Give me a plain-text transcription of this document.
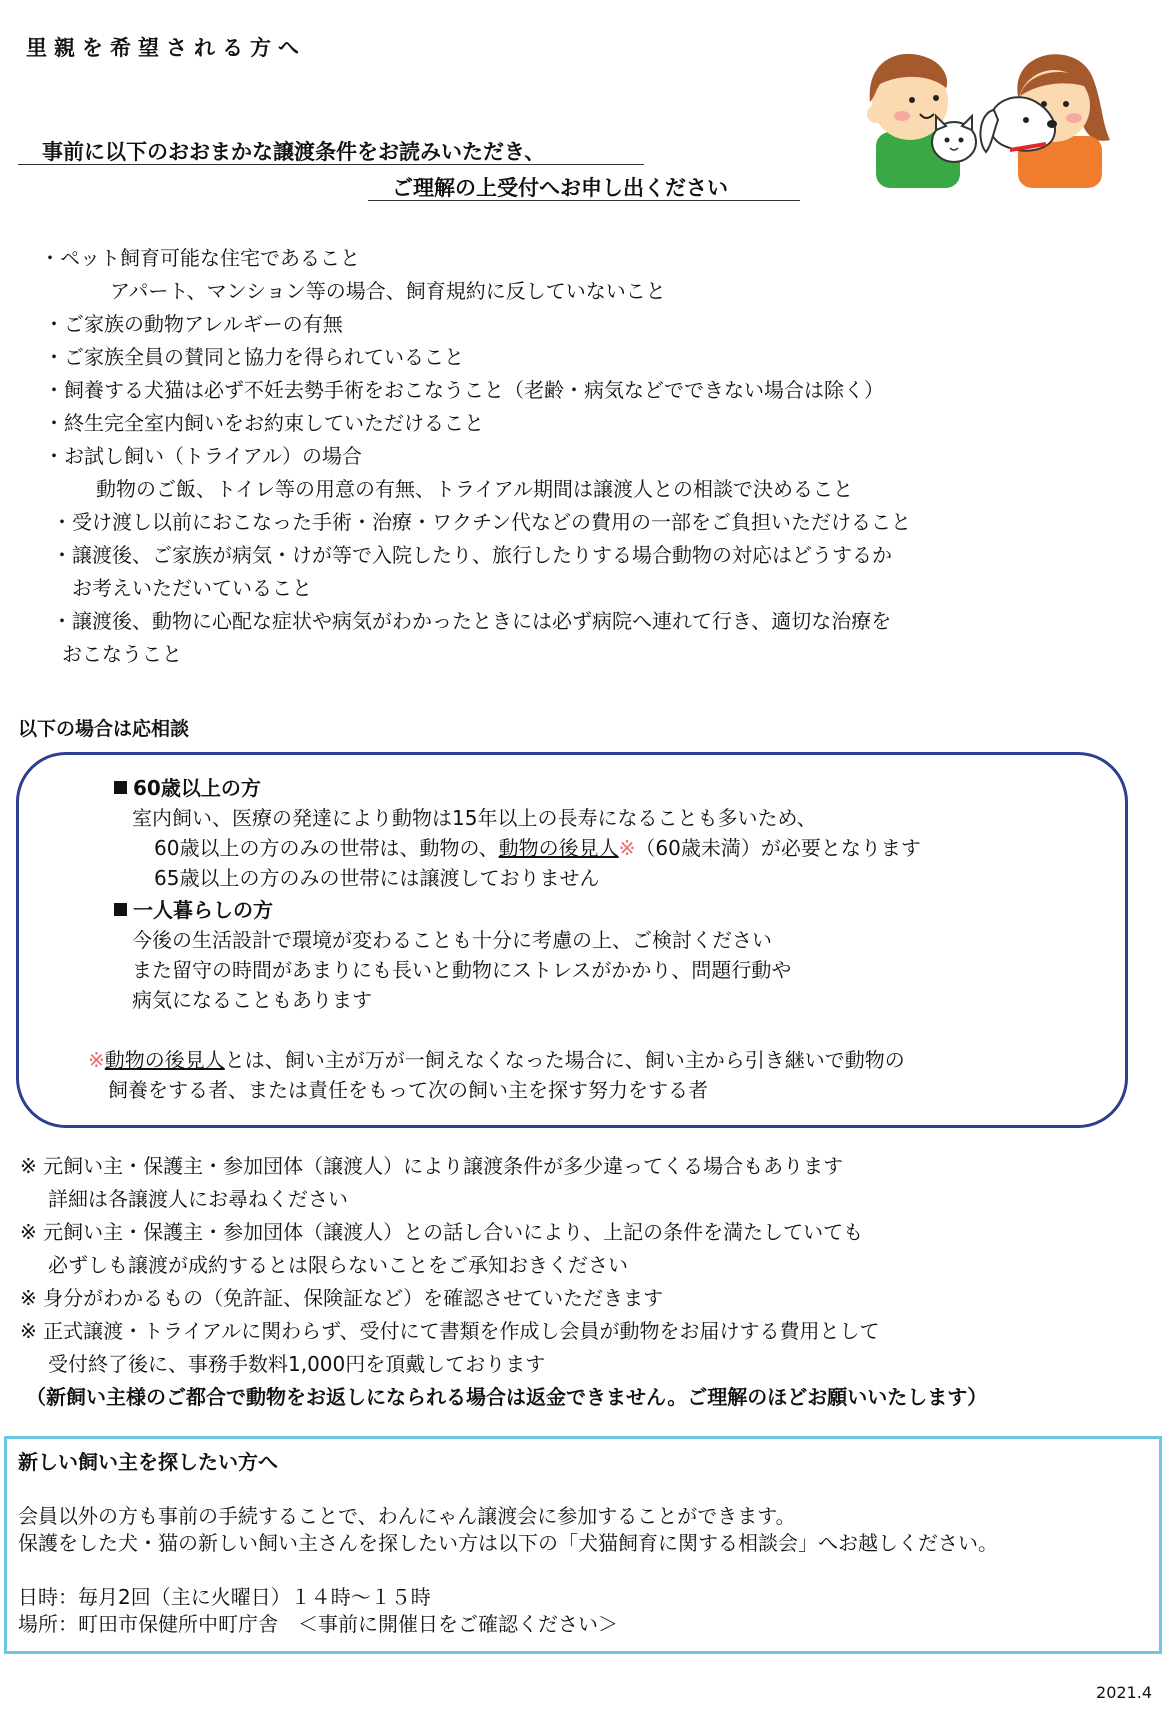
里親を希望される方へ
事前に以下のおおまかな譲渡条件をお読みいただき、
ご理解の上受付へお申し出ください
・ペット飼育可能な住宅であること
アパート、マンション等の場合、飼育規約に反していないこと
・ご家族の動物アレルギーの有無
・ご家族全員の賛同と協力を得られていること
・飼養する犬猫は必ず不妊去勢手術をおこなうこと（老齢・病気などでできない場合は除く）
・終生完全室内飼いをお約束していただけること
・お試し飼い（トライアル）の場合
動物のご飯、トイレ等の用意の有無、トライアル期間は譲渡人との相談で決めること
・受け渡し以前におこなった手術・治療・ワクチン代などの費用の一部をご負担いただけること
・譲渡後、ご家族が病気・けが等で入院したり、旅行したりする場合動物の対応はどうするか
お考えいただいていること
・譲渡後、動物に心配な症状や病気がわかったときには必ず病院へ連れて行き、適切な治療を
おこなうこと
以下の場合は応相談
60歳以上の方
室内飼い、医療の発達により動物は15年以上の長寿になることも多いため、
60歳以上の方のみの世帯は、動物の、動物の後見人※（60歳未満）が必要となります
65歳以上の方のみの世帯には譲渡しておりません
一人暮らしの方
今後の生活設計で環境が変わることも十分に考慮の上、ご検討ください
また留守の時間があまりにも長いと動物にストレスがかかり、問題行動や
病気になることもあります
※動物の後見人とは、飼い主が万が一飼えなくなった場合に、飼い主から引き継いで動物の
飼養をする者、または責任をもって次の飼い主を探す努力をする者
※ 元飼い主・保護主・参加団体（譲渡人）により譲渡条件が多少違ってくる場合もあります
詳細は各譲渡人にお尋ねください
※ 元飼い主・保護主・参加団体（譲渡人）との話し合いにより、上記の条件を満たしていても
必ずしも譲渡が成約するとは限らないことをご承知おきください
※ 身分がわかるもの（免許証、保険証など）を確認させていただきます
※ 正式譲渡・トライアルに関わらず、受付にて書類を作成し会員が動物をお届けする費用として
受付終了後に、事務手数料1,000円を頂戴しております
（新飼い主様のご都合で動物をお返しになられる場合は返金できません。ご理解のほどお願いいたします）
新しい飼い主を探したい方へ
会員以外の方も事前の手続することで、わんにゃん譲渡会に参加することができます。
保護をした犬・猫の新しい飼い主さんを探したい方は以下の「犬猫飼育に関する相談会」へお越しください。
日時：毎月2回（主に火曜日）１４時～１５時
場所：町田市保健所中町庁舎　＜事前に開催日をご確認ください＞
2021.4
